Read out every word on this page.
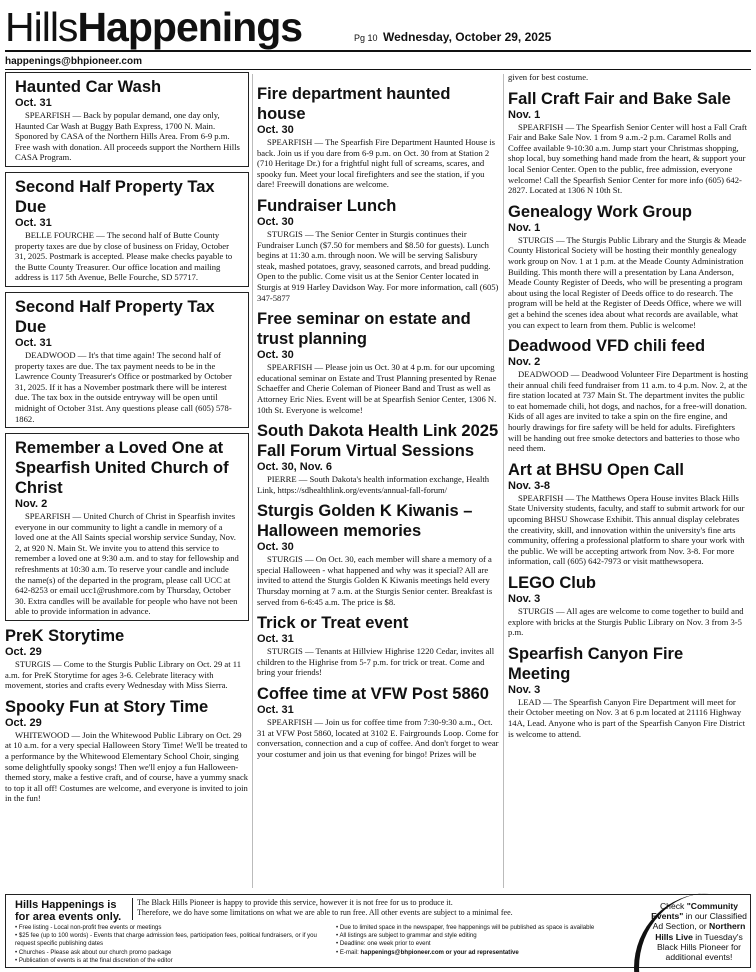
HillsHappenings	Pg 10 Wednesday, October 29, 2025
happenings@bhpioneer.com
Haunted Car Wash
Oct. 31

SPEARFISH — Back by popular demand, one day only, Haunted Car Wash at Buggy Bath Express, 1700 N. Main. Sponored by CASA of the Northern Hills Area. From 6-9 p.m. Free wash with donation. All proceeds support the Northern Hills CASA Program.

Second Half Property Tax Due
Oct. 31

BELLE FOURCHE — The second half of Butte County property taxes are due by close of business on Friday, October 31, 2025. Postmark is accepted. Please make checks payable to the Butte County Treasurer. Our office location and mailing address is 117 5th Avenue, Belle Fourche, SD 57717.

Second Half Property Tax Due
Oct. 31

DEADWOOD — It's that time again! The second half of property taxes are due. The tax payment needs to be in the Lawrence County Treasurer's Office or postmarked by October 31, 2025. If it has a November postmark there will be interest due. The tax box in the outside entryway will be open until midnight of October 31st. Any questions please call (605) 578-1862.

Remember a Loved One at Spearfish United Church of Christ
Nov. 2

SPEARFISH — United Church of Christ in Spearfish invites everyone in our community to light a candle in memory of a loved one at the All Saints special worship service Sunday, Nov. 2, at 920 N. Main St. We invite you to attend this service to remember a loved one at 9:30 a.m. and to stay for fellowship and refreshments at 10:30 a.m. To reserve your candle and include the name(s) of the departed in the program, please call UCC at 642-8253 or email ucc1@rushmore.com by Thursday, October 30. Extra candles will be available for people who have not been able to provide information in advance.

PreK Storytime
Oct. 29

STURGIS — Come to the Sturgis Public Library on Oct. 29 at 11 a.m. for PreK Storytime for ages 3-6. Celebrate literacy with movement, stories and crafts every Wednesday with Miss Sierra.

Spooky Fun at Story Time
Oct. 29

WHITEWOOD — Join the Whitewood Public Library on Oct. 29 at 10 a.m. for a very special Halloween Story Time! We'll be treated to a performance by the Whitewood Elementary School Choir, singing some delightfully spooky songs! Then we'll enjoy a fun Halloween-themed story, make a festive craft, and of course, have a yummy snack to top it all off! Costumes are welcome, and everyone is invited to join in the fun!

Fire department haunted house
Oct. 30

SPEARFISH — The Spearfish Fire Department Haunted House is back. Join us if you dare from 6-9 p.m. on Oct. 30 from at Station 2 (710 Heritage Dr.) for a frightful night full of screams, scares, and spooky fun. Meet your local firefighters and see the station, if you dare! Freewill donations are welcome.

Fundraiser Lunch
Oct. 30

STURGIS — The Senior Center in Sturgis continues their Fundraiser Lunch ($7.50 for members and $8.50 for guests). Lunch begins at 11:30 a.m. through noon. We will be serving Salisbury steak, mashed potatoes, gravy, seasoned carrots, and bread pudding. Open to the public. Come visit us at the Senior Center located in Sturgis at 919 Harley Davidson Way. For more information, call (605) 347-5877

Free seminar on estate and trust planning
Oct. 30

SPEARFISH — Please join us Oct. 30 at 4 p.m. for our upcoming educational seminar on Estate and Trust Planning presented by Renae Schaeffer and Cherie Coleman of Pioneer Band and Trust as well as Attorney Eric Nies. Event will be at Spearfish Senior Center, 1306 N. 10th St. Everyone is welcome!

South Dakota Health Link 2025 Fall Forum Virtual Sessions
Oct. 30, Nov. 6

PIERRE — South Dakota's health information exchange, Health Link, https://sdhealthlink.org/events/annual-fall-forum/

Sturgis Golden K Kiwanis – Halloween memories
Oct. 30

STURGIS — On Oct. 30, each member will share a memory of a special Halloween - what happened and why was it special? All are invited to attend the Sturgis Golden K Kiwanis meetings held every Thursday morning at 7 a.m. at the Sturgis Senior center. Breakfast is served from 6-6:45 a.m. The price is $8.

Trick or Treat event
Oct. 31

STURGIS — Tenants at Hillview Highrise 1220 Cedar, invites all children to the Highrise from 5-7 p.m. for trick or treat. Come and bring your friends!

Coffee time at VFW Post 5860
Oct. 31

SPEARFISH — Join us for coffee time from 7:30-9:30 a.m., Oct. 31 at VFW Post 5860, located at 3102 E. Fairgrounds Loop. Come for conversation, connection and a cup of coffee. And don't forget to wear your costumer and join us that evening for bingo! Prizes will be

given for best costume.

Fall Craft Fair and Bake Sale
Nov. 1

SPEARFISH — The Spearfish Senior Center will host a Fall Craft Fair and Bake Sale Nov. 1 from 9 a.m.-2 p.m. Caramel Rolls and Coffee available 9-10:30 a.m. Jump start your Christmas shopping, shop local, buy something hand made from the heart, & support your local Senior Center. Open to the public, free admission, everyone welcome! Call the Spearfish Senior Center for more info (605) 642-2827. Located at 1306 N 10th St.

Genealogy Work Group
Nov. 1

STURGIS — The Sturgis Public Library and the Sturgis & Meade County Historical Society will be hosting their monthly genealogy work group on Nov. 1 at 1 p.m. at the Meade County Administration Building. This month there will a presentation by Lana Anderson, Meade County Register of Deeds, who will be presenting a program about using the local Register of Deeds office to do research. The program will be held at the Register of Deeds Office, where we will get a behind the scenes idea about what records are available, what you can expect to learn from them. Public is welcome!

Deadwood VFD chili feed
Nov. 2

DEADWOOD — Deadwood Volunteer Fire Department is hosting their annual chili feed fundraiser from 11 a.m. to 4 p.m. Nov. 2, at the fire station located at 737 Main St. The department invites the public to eat homemade chili, hot dogs, and nachos, for a free-will donation. Kids of all ages are invited to take a spin on the fire engine, and hourly drawings for fire safety will be held for adults. Firefighters will be handing out free smoke detectors and batteries to those who need them.

Art at BHSU Open Call
Nov. 3-8

SPEARFISH — The Matthews Opera House invites Black Hills State University students, faculty, and staff to submit artwork for our upcoming BHSU Showcase Exhibit. This annual display celebrates the creativity, skill, and innovation within the university's fine arts community, offering a professional platform to share your work with the public. We will be accepting artwork from Nov. 3-8. For more information, call (605) 642-7973 or visit matthewsopera.

LEGO Club
Nov. 3

STURGIS — All ages are welcome to come together to build and explore with bricks at the Sturgis Public Library on Nov. 3 from 3-5 p.m.

Spearfish Canyon Fire Meeting
Nov. 3

LEAD — The Spearfish Canyon Fire Department will meet for their October meeting on Nov. 3 at 6 p.m located at 21116 Highway 14A, Lead. Anyone who is part of the Spearfish Canyon Fire District is welcome to attend.

Hills Happenings is
for area events only.
The Black Hills Pioneer is happy to provide this service, however it is not free for us to produce it.
Therefore, we do have some limitations on what we are able to run free. All other events are subject to a minimal fee.
• Free listing - Local non-profit free events or meetings
• $25 fee (up to 100 words) - Events that charge admission fees, participation fees, political fundraisers, or if you request specific publishing dates
• Churches - Please ask about our church promo package
• Publication of events is at the final discretion of the editor
• Due to limited space in the newspaper, free happenings will be published as space is available
• All listings are subject to grammar and style editing
• Deadline: one week prior to event
• E-mail: happenings@bhpioneer.com or your ad representative
Check "Community Events" in our Classified Ad Section, or Northern Hills Live in Tuesday's Black Hills Pioneer for additional events!
